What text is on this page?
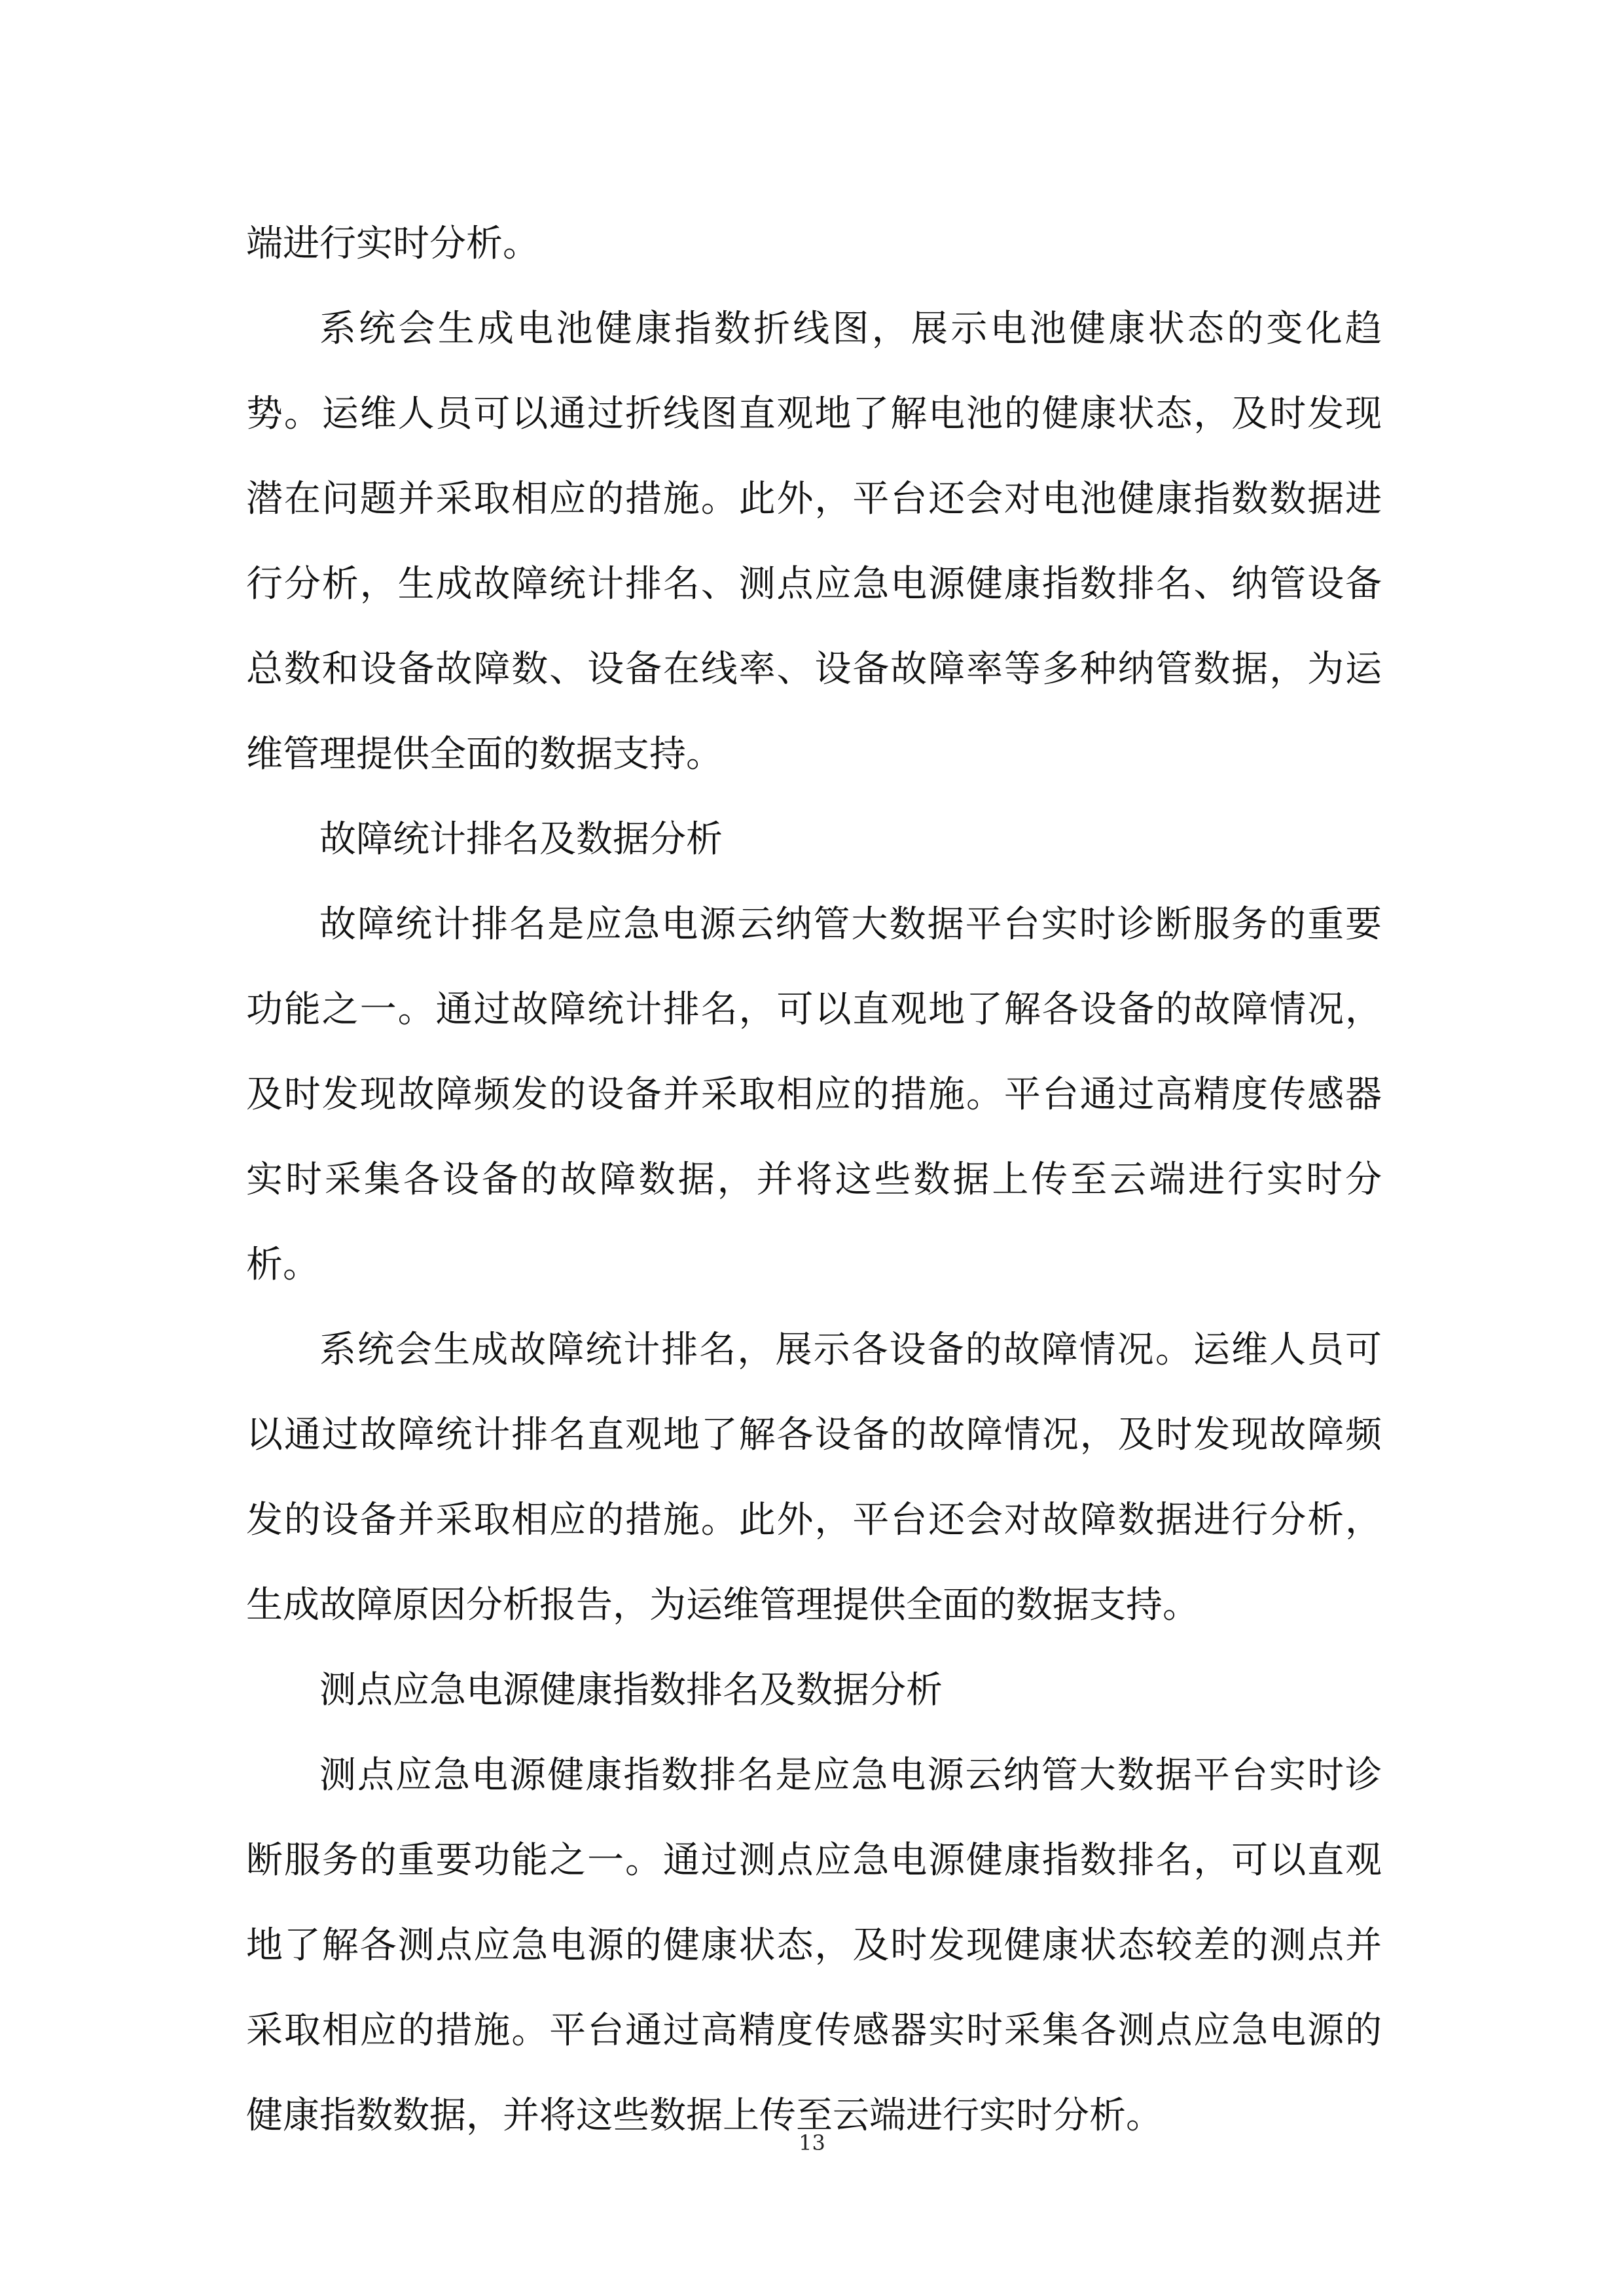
端进行实时分析。

系统会生成电池健康指数折线图，展示电池健康状态的变化趋势。运维人员可以通过折线图直观地了解电池的健康状态，及时发现潜在问题并采取相应的措施。此外，平台还会对电池健康指数数据进行分析，生成故障统计排名、测点应急电源健康指数排名、纳管设备总数和设备故障数、设备在线率、设备故障率等多种纳管数据，为运维管理提供全面的数据支持。

故障统计排名及数据分析

故障统计排名是应急电源云纳管大数据平台实时诊断服务的重要功能之一。通过故障统计排名，可以直观地了解各设备的故障情况，及时发现故障频发的设备并采取相应的措施。平台通过高精度传感器实时采集各设备的故障数据，并将这些数据上传至云端进行实时分析。

系统会生成故障统计排名，展示各设备的故障情况。运维人员可以通过故障统计排名直观地了解各设备的故障情况，及时发现故障频发的设备并采取相应的措施。此外，平台还会对故障数据进行分析，生成故障原因分析报告，为运维管理提供全面的数据支持。

测点应急电源健康指数排名及数据分析

测点应急电源健康指数排名是应急电源云纳管大数据平台实时诊断服务的重要功能之一。通过测点应急电源健康指数排名，可以直观地了解各测点应急电源的健康状态，及时发现健康状态较差的测点并采取相应的措施。平台通过高精度传感器实时采集各测点应急电源的健康指数数据，并将这些数据上传至云端进行实时分析。

13
